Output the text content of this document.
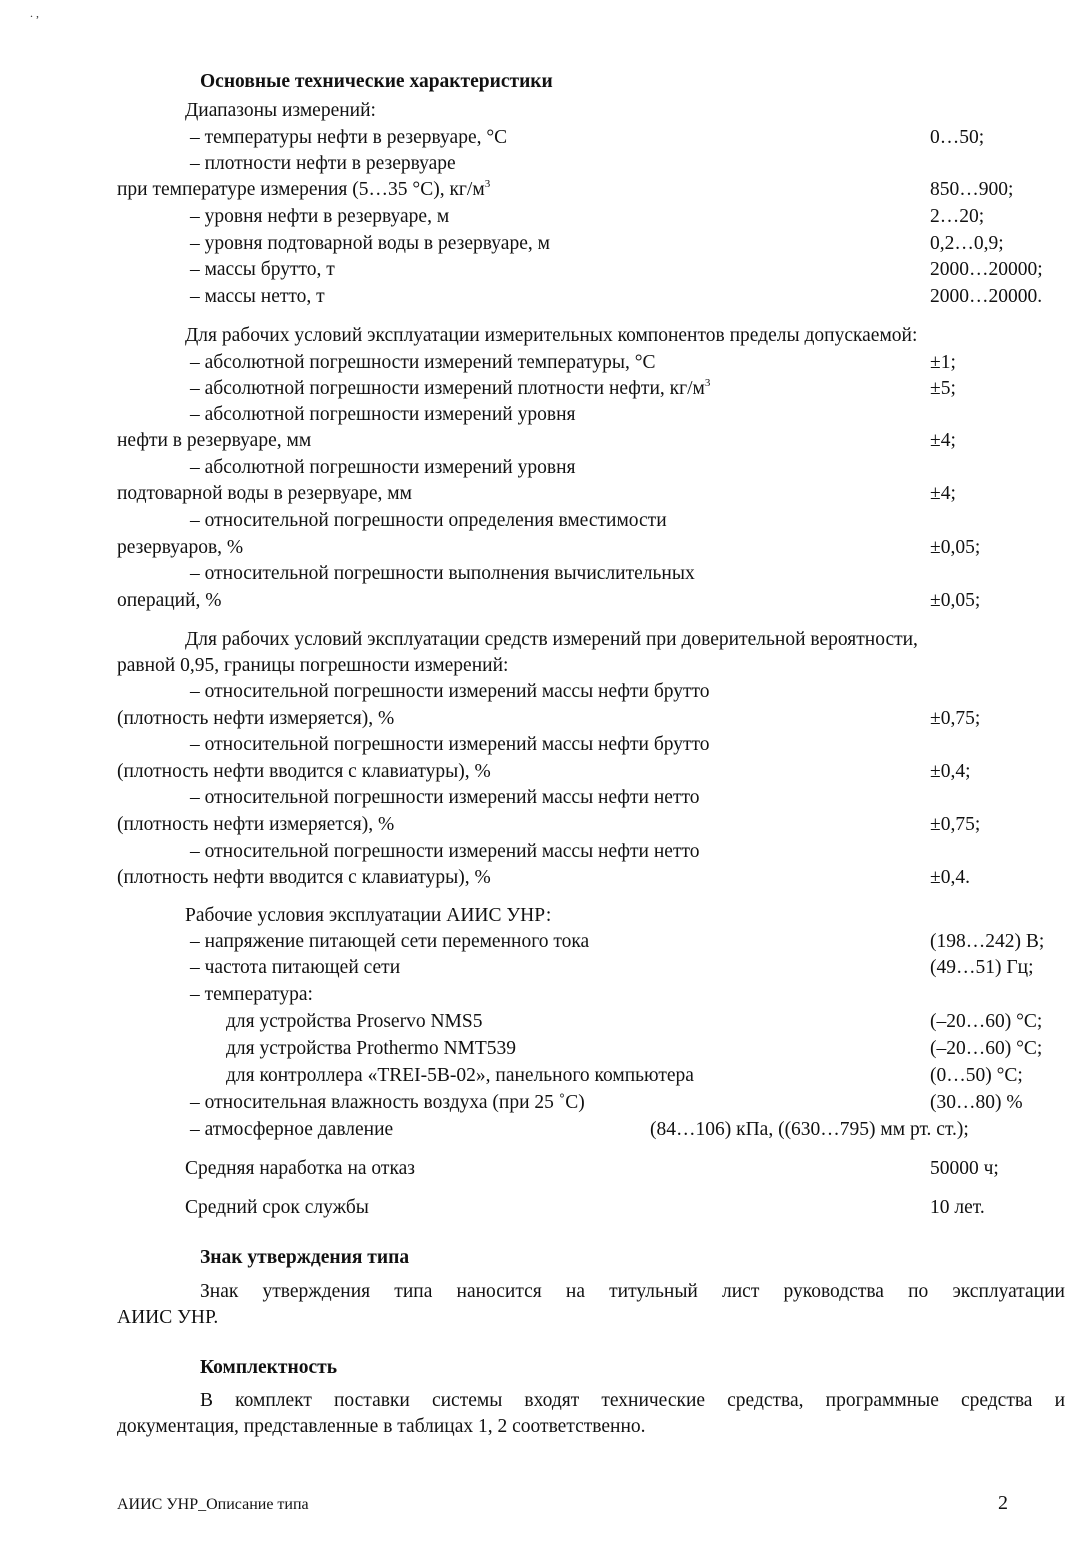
. ,
Основные технические характеристики
Диапазоны измерений:
– температуры нефти в резервуаре, °С	0…50;
– плотности нефти в резервуаре
при температуре измерения (5…35 °С), $кг/м^3$	850…900;
– уровня нефти в резервуаре, м	2…20;
– уровня подтоварной воды в резервуаре, м	0,2…0,9;
– массы брутто, т	2000…20000;
– массы нетто, т	2000…20000.
Для рабочих условий эксплуатации измерительных компонентов пределы допускаемой:
– абсолютной погрешности измерений температуры, °С	±1;
– абсолютной погрешности измерений плотности нефти, $кг/м^3$	±5;
– абсолютной погрешности измерений уровня
нефти в резервуаре, мм	±4;
– абсолютной погрешности измерений уровня
подтоварной воды в резервуаре, мм	±4;
– относительной погрешности определения вместимости
резервуаров, %	±0,05;
– относительной погрешности выполнения вычислительных
операций, %	±0,05;
Для рабочих условий эксплуатации средств измерений при доверительной вероятности,
равной 0,95, границы погрешности измерений:
– относительной погрешности измерений массы нефти брутто
(плотность нефти измеряется), %	±0,75;
– относительной погрешности измерений массы нефти брутто
(плотность нефти вводится с клавиатуры), %	±0,4;
– относительной погрешности измерений массы нефти нетто
(плотность нефти измеряется), %	±0,75;
– относительной погрешности измерений массы нефти нетто
(плотность нефти вводится с клавиатуры), %	±0,4.
Рабочие условия эксплуатации АИИС УНР:
– напряжение питающей сети переменного тока	(198…242) В;
– частота питающей сети	(49…51) Гц;
– температура:
для устройства Proservo NMS5	(–20…60) °С;
для устройства Prothermo NMT539	(–20…60) °С;
для контроллера «TREI-5B-02», панельного компьютера	(0…50) °С;
– относительная влажность воздуха (при 25 ˚С)	(30…80) %
– атмосферное давление	(84…106) кПа, ((630…795) мм рт. ст.);
Средняя наработка на отказ	50000 ч;
Средний срок службы	10 лет.
Знак утверждения типа
Знак утверждения типа наносится на титульный лист руководства по эксплуатации
АИИС УНР.
Комплектность
В комплект поставки системы входят технические средства, программные средства и
документация, представленные в таблицах 1, 2 соответственно.
АИИС УНР_Описание типа	2
